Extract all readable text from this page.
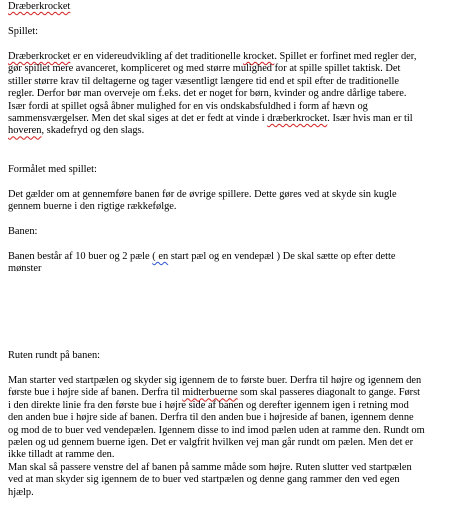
Dræberkrocket
Spillet:
Dræberkrocket er en videreudvikling af det traditionelle krocket. Spillet er forfinet med regler der,
gør spillet mere avanceret, kompliceret og med større mulighed for at spille spillet taktisk. Det
stiller større krav til deltagerne og tager væsentligt længere tid end et spil efter de traditionelle
regler. Derfor bør man overveje om f.eks. det er noget for børn, kvinder og andre dårlige tabere.
Især fordi at spillet også åbner mulighed for en vis ondskabsfuldhed i form af hævn og
sammensværgelser. Men det skal siges at det er fedt at vinde i dræberkrocket. Især hvis man er til
hoveren, skadefryd og den slags.
Formålet med spillet:
Det gælder om at gennemføre banen før de øvrige spillere. Dette gøres ved at skyde sin kugle
gennem buerne i den rigtige rækkefølge.
Banen:
Banen består af 10 buer og 2 pæle ( en start pæl og en vendepæl ) De skal sætte op efter dette
mønster
Ruten rundt på banen:
Man starter ved startpælen og skyder sig igennem de to første buer. Derfra til højre og igennem den
første bue i højre side af banen. Derfra til midterbuerne som skal passeres diagonalt to gange. Først
i den direkte linie fra den første bue i højre side af banen og derefter igennem igen i retning mod
den anden bue i højre side af banen. Derfra til den anden bue i højreside af banen, igennem denne
og mod de to buer ved vendepælen. Igennem disse to ind imod pælen uden at ramme den. Rundt om
pælen og ud gennem buerne igen. Det er valgfrit hvilken vej man går rundt om pælen. Men det er
ikke tilladt at ramme den.
Man skal så passere venstre del af banen på samme måde som højre. Ruten slutter ved startpælen
ved at man skyder sig igennem de to buer ved startpælen og denne gang rammer den ved egen
hjælp.
